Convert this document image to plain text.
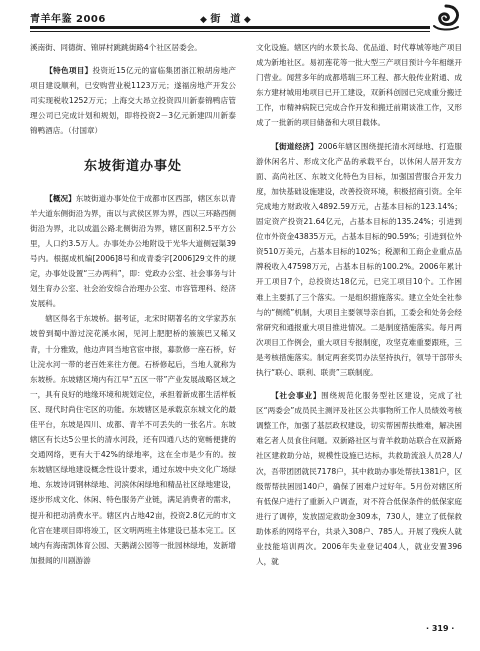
青羊年鉴 2006	◆ 街　道 ◆

溪南街、同德街、锦屏村跳跳街路4个社区居委会。

【特色项目】投资近15亿元的富临集团浙江粮胡房地产项目建设顺利，已安购营业税1123万元；遂福房地产开发公司实现税收1252万元；上海交大昂立投资四川新泰锦鸭店管理公司已完成计划和规划，即将投资2－3亿元新建四川新泰锦鸭酒店。（付国章）

东坡街道办事处

【概况】东坡街道办事处位于成都市区西部，辖区东以青羊大道东侧街沿为界，南以与武侯区界为界，西以三环路西侧街沿为界，北以成温公路北侧街沿为界，辖区面积2.5平方公里，人口约3.5万人。办事处办公地附设于光华大道侧冠渠39号内。根据成机编[2006]8号和成青委字[2006]29文件的规定，办事处设置“三办两科”，即：党政办公室、社会事务与计划生育办公室、社会治安综合治理办公室、市容管理科、经济发展科。

辖区得名于东坡桥。据考证，北宋时期著名的文学家苏东坡曾到蜀中游过浣花溪水闲，见河上肥肥桥的簇簇巴又稀又青，十分雅致，他边声同当地官宦申报，募款修一座石桥，好让浣水河一带的老百姓来往方便。石桥修起后，当地人就称为东坡桥。东坡辖区境内有江早“五区一带”产业发展战略区域之一，具有良好的地缘环境和规划定位，承担着新成都生活样板区、现代时尚住宅区的功能。东坡辖区是承载京东城文化的最佳平台，东坡是四川、成都、青羊不可丢失的一张名片。东坡辖区有长达5公里长的清水河段，还有四通八达的宽畅便捷的交通网络，更有大于42%的绿地率，这在全市是少有的。按东坡辖区绿地建设概念性设计要求，通过东坡中央文化广场绿地、东坡诗词钢林绿地、河滨休闲绿地和精品社区绿地建设，逐步形成文化、休闲、特色服务产业链，满足消费者的需求，提升和把动消费水平。辖区内占地42亩，投资2.8亿元的市文化宫在建项目即将竣工，区文明两班主体建设已基本完工。区域内有海南凯体育公园、天鹅湖公园等一批园林绿地，发新增加报闻的川剧游游

文化设施。辖区内的水景长岛、优品道、时代尊城等地产项目成为新地社区。易初莲花等一批大型三产项目预计今年相继开门营业。闻营多年的成都塔瑞三环工程、都大般传业附通、成东方建材城用地项目已开工建设，双新科创园已完成重分搬迁工作，市精神病院已完成合作开发和搬迁前期谈准工作，又形成了一批新的项目储备和大项目载体。

【街道经济】2006年辖区围绕提托清水河绿地、打造服游休闲名片、形成文化产品的承载平台，以休闲人居开发方面、高尚社区、东坡文化特色为目标，加强国营服合开发力度，加快基础设施建设，改善投资环境，积极招商引资。全年完成地方财政收入4892.59万元，占基本目标的123.14%；固定资产投资21.64亿元，占基本目标的135.24%；引进到位市外资金43835万元，占基本目标的90.59%；引进到位外资510万美元，占基本目标的102%；税源和工商企业重点品牌税收入47598万元，占基本目标的100.2%。2006年累计开工项目7个，总投资达18亿元，已完工项目10个。工作困难上主要抓了三个落实。一是组织措施落实。建立全处全社参与的“侧缆”机制，大项目主要领导亲自抓，工委会和处务会经常研究和通报重大项目推进情况。二是制度措施落实。每月两次项目工作例会，重大项目专报制度，攻坚克难重要跟班，三是考核措施落实。制定两套奖罚办法坚持执行，领导干部带头执行“联心、联利、联责”三联制度。

【社会事业】围绕规范化服务型社区建设，完成了社区“两委会”成员民主测评及社区公共事物所工作人员绩效考核调整工作，加强了基层政权建设，切实帮困帮扶维难，解决困难乞者人员食住问题。双新路社区与青羊救助站联合在双新路社区建救助分站，规模性设施已达标，共救助流浪人员28人/次，吾带团团就民7178户，其中救助办事处帮扶1381户，区级帮帮扶困园140户，确保了困难户过好年。5月份对辖区所有低保户进行了重新入户调查，对不符合低保条件的低保家庭进行了调停，发放固定救助金309本，730人，建立了低保救助体系的网络平台，共录入308户、785人。开展了残疾人就业技能培训两次。2006年失业登记404人，就业安置396人，就

· 319 ·
